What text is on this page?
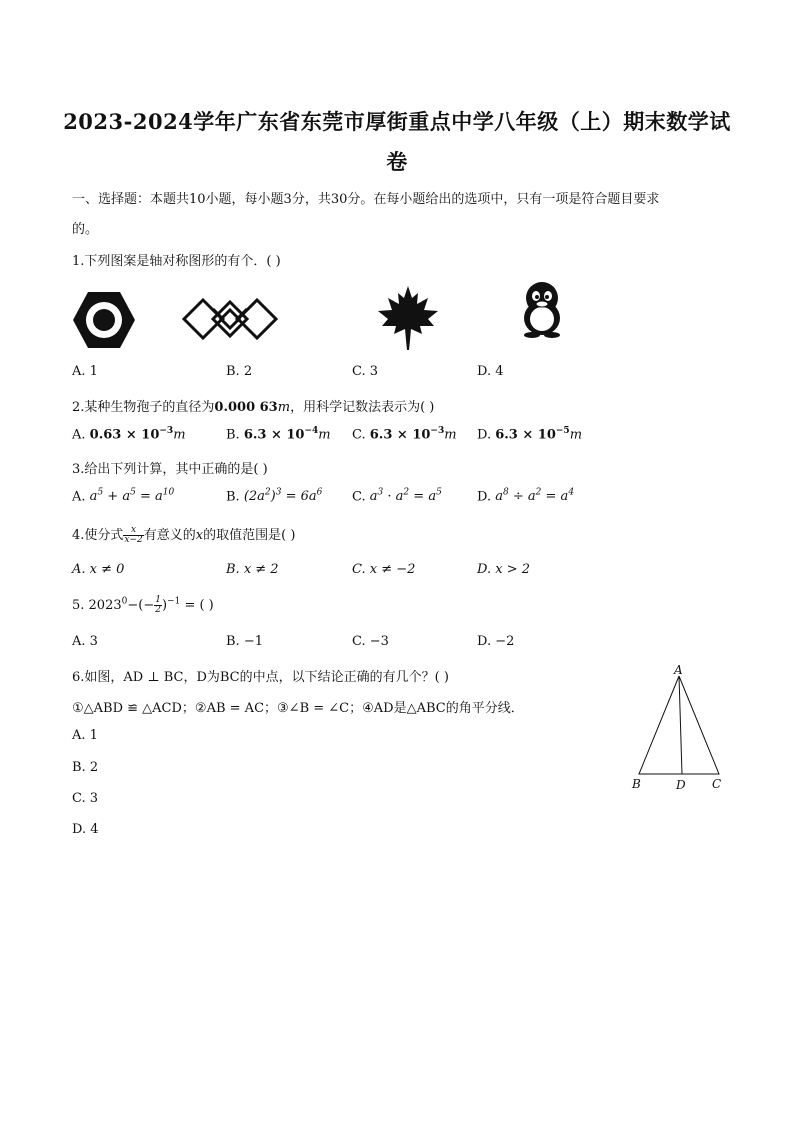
2023-2024学年广东省东莞市厚街重点中学八年级（上）期末数学试
卷
一、选择题：本题共10小题，每小题3分，共30分。在每小题给出的选项中，只有一项是符合题目要求
的。
1.下列图案是轴对称图形的有个．( )
A. 1	B. 2	C. 3	D. 4
2.某种生物孢子的直径为0.000 63m，用科学记数法表示为( )
A. $0.63 \times 10^{-3}m$	B. $6.3 \times 10^{-4}m$ C. $6.3 \times 10^{-3}m$ D. $6.3 \times 10^{-5}m$
3.给出下列计算，其中正确的是( )
A. $a^5 + a^5 = a^{10}$	B. $(2a^2)^3 = 6a^6$ C. $a^3 \cdot a^2 = a^5$	D. $a^8 \div a^2 = a^4$
4.使分式 $\frac{x}{x-2}$ 有意义的x的取值范围是( )
A. x ≠ 0	B. x ≠ 2	C. x ≠ −2	D. x > 2
5. $2023^0-(- \frac{1}{2} )^{-1}$ = ( )
A. 3	B. −1	C. −3	D. −2
6.如图，AD ⊥ BC，D为BC的中点，以下结论正确的有几个？( )
①△ABD ≌ △ACD；②AB = AC；③∠B = ∠C；④AD是△ABC的角平分线．
A. 1
B. 2
C. 3
D. 4
A
B	D C
